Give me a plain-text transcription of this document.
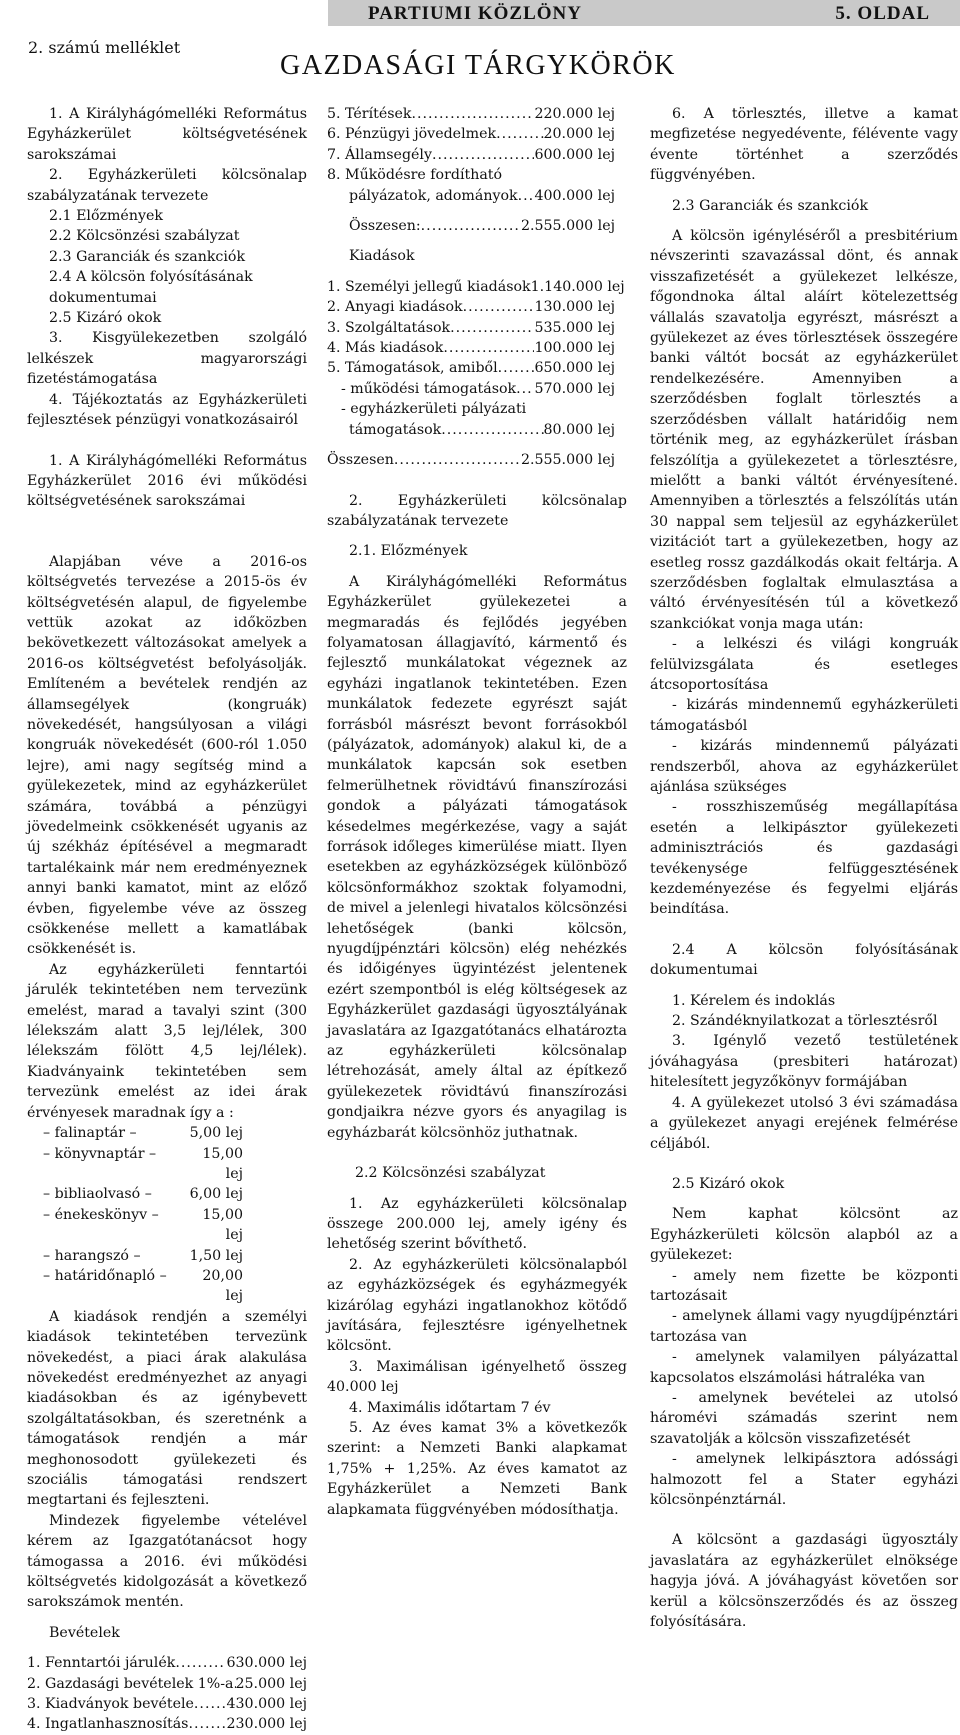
PARTIUMI KÖZLÖNY	5. OLDAL
2. számú melléklet
GAZDASÁGI TÁRGYKÖRÖK

1. A Királyhágómelléki Református Egyházkerület költségvetésének sarokszámai

2. Egyházkerületi kölcsönalap szabályzatának tervezete

2.1 Előzmények

2.2 Kölcsönzési szabályzat

2.3 Garanciák és szankciók

2.4 A kölcsön folyósításának dokumentumai

2.5 Kizáró okok

3. Kisgyülekezetben szolgáló lelkészek magyarországi fizetéstámogatása

4. Tájékoztatás az Egyházkerületi fejlesztések pénzügyi vonatkozásairól

1. A Királyhágómelléki Református Egyházkerület 2016 évi működési költségvetésének sarokszámai

Alapjában véve a 2016-os költségvetés tervezése a 2015-ös év költségvetésén alapul, de figyelembe vettük azokat az időközben bekövetkezett változásokat amelyek a 2016-os költségvetést befolyásolják. Említeném a bevételek rendjén az államsegélyek (kongruák) növekedését, hangsúlyosan a világi kongruák növekedését (600-ról 1.050 lejre), ami nagy segítség mind a gyülekezetek, mind az egyházkerület számára, továbbá a pénzügyi jövedelmeink csökkenését ugyanis az új székház építésével a megmaradt tartalékaink már nem eredményeznek annyi banki kamatot, mint az előző évben, figyelembe véve az összeg csökkenése mellett a kamatlábak csökkenését is.

Az egyházkerületi fenntartói járulék tekintetében nem tervezünk emelést, marad a tavalyi szint (300 lélekszám alatt 3,5 lej/lélek, 300 lélekszám fölött 4,5 lej/lélek). Kiadványaink tekintetében sem tervezünk emelést az idei árak érvényesek maradnak így a :

– falinaptár –	5,00 lej
– könyvnaptár –	15,00 lej
– bibliaolvasó –	6,00 lej
– énekeskönyv –	15,00 lej
– harangszó –	1,50 lej
– határidőnapló –	20,00 lej

A kiadások rendjén a személyi kiadások tekintetében tervezünk növekedést, a piaci árak alakulása növekedést eredményezhet az anyagi kiadásokban és az igénybevett szolgáltatásokban, és szeretnénk a támogatások rendjén a már meghonosodott gyülekezeti és szociális támogatási rendszert megtartani és fejleszteni.

Mindezek figyelembe vételével kérem az Igazgatótanácsot hogy támogassa a 2016. évi működési költségvetés kidolgozását a következő sarokszámok mentén.

Bevételek

1. Fenntartói járulék .....	630.000 lej
2. Gazdasági bevételek 1%-a ..... 25.000 lej
3. Kiadványok bevétele ..... 430.000 lej
4. Ingatlanhasznosítás .....	230.000 lej
5. Térítések .....	220.000 lej
6. Pénzügyi jövedelmek .....	20.000 lej
7. Államsegély .....	600.000 lej
8. Működésre fordítható
pályázatok, adományok ..... 400.000 lej
Összesen: .....	2.555.000 lej
Kiadások
1. Személyi jellegű kiadások 1.140.000 lej
2. Anyagi kiadások .....	130.000 lej
3. Szolgáltatások .....	535.000 lej
4. Más kiadások .....	100.000 lej
5. Támogatások, amiből .....	650.000 lej
- működési támogatások ..... 570.000 lej
- egyházkerületi pályázati
támogatások .....	80.000 lej
Összesen .....	2.555.000 lej

2. Egyházkerületi kölcsönalap szabályzatának tervezete

2.1. Előzmények

A Királyhágómelléki Református Egyházkerület gyülekezetei a megmaradás és fejlődés jegyében folyamatosan állagjavító, kármentő és fejlesztő munkálatokat végeznek az egyházi ingatlanok tekintetében. Ezen munkálatok fedezete egyrészt saját forrásból másrészt bevont forrásokból (pályázatok, adományok) alakul ki, de a munkálatok kapcsán sok esetben felmerülhetnek rövidtávú finanszírozási gondok a pályázati támogatások késedelmes megérkezése, vagy a saját források időleges kimerülése miatt. Ilyen esetekben az egyházközségek különböző kölcsönformákhoz szoktak folyamodni, de mivel a jelenlegi hivatalos kölcsönzési lehetőségek (banki kölcsön, nyugdíjpénztári kölcsön) elég nehézkés és időigényes ügyintézést jelentenek ezért szempontból is elég költségesek az Egyházkerület gazdasági ügyosztályának javaslatára az Igazgatótanács elhatározta az egyházkerületi kölcsönalap létrehozását, amely által az építkező gyülekezetek rövidtávú finanszírozási gondjaikra nézve gyors és anyagilag is egyházbarát kölcsönhöz juthatnak.

2.2 Kölcsönzési szabályzat

1. Az egyházkerületi kölcsönalap összege 200.000 lej, amely igény és lehetőség szerint bővíthető.

2. Az egyházkerületi kölcsönalapból az egyházközségek és egyházmegyék kizárólag egyházi ingatlanokhoz kötődő javítására, fejlesztésre igényelhetnek kölcsönt.

3. Maximálisan igényelhető összeg 40.000 lej

4. Maximális időtartam 7 év

5. Az éves kamat 3% a következők szerint: a Nemzeti Banki alapkamat 1,75% + 1,25%. Az éves kamatot az Egyházkerület a Nemzeti Bank alapkamata függvényében módosíthatja.

6. A törlesztés, illetve a kamat megfizetése negyedévente, félévente vagy évente történhet a szerződés függvényében.

2.3 Garanciák és szankciók

A kölcsön igényléséről a presbitérium névszerinti szavazással dönt, és annak visszafizetését a gyülekezet lelkésze, főgondnoka által aláírt kötelezettség vállalás szavatolja egyrészt, másrészt a gyülekezet az éves törlesztések összegére banki váltót bocsát az egyházkerület rendelkezésére. Amennyiben a szerződésben foglalt törlesztés a szerződésben vállalt határidőig nem történik meg, az egyházkerület írásban felszólítja a gyülekezetet a törlesztésre, mielőtt a banki váltót érvényesítené. Amennyiben a törlesztés a felszólítás után 30 nappal sem teljesül az egyházkerület vizitációt tart a gyülekezetben, hogy az esetleg rossz gazdálkodás okait feltárja. A szerződésben foglaltak elmulasztása a váltó érvényesítésén túl a következő szankciókat vonja maga után:

- a lelkészi és világi kongruák felülvizsgálata és esetleges átcsoportosítása

- kizárás mindennemű egyházkerületi támogatásból

- kizárás mindennemű pályázati rendszerből, ahova az egyházkerület ajánlása szükséges

- rosszhiszeműség megállapítása esetén a lelkipásztor gyülekezeti adminisztrációs és gazdasági tevékenysége felfüggesztésének kezdeményezése és fegyelmi eljárás beindítása.

2.4 A kölcsön folyósításának dokumentumai

1. Kérelem és indoklás

2. Szándéknyilatkozat a törlesztésről

3. Igénylő vezető testületének jóváhagyása (presbiteri határozat) hitelesített jegyzőkönyv formájában

4. A gyülekezet utolsó 3 évi számadása a gyülekezet anyagi erejének felmérése céljából.

2.5 Kizáró okok

Nem kaphat kölcsönt az Egyházkerületi kölcsön alapból az a gyülekezet:

- amely nem fizette be központi tartozásait

- amelynek állami vagy nyugdíjpénztári tartozása van

- amelynek valamilyen pályázattal kapcsolatos elszámolási hátraléka van

- amelynek bevételei az utolsó háromévi számadás szerint nem szavatolják a kölcsön visszafizetését

- amelynek lelkipásztora adóssági halmozott fel a Stater egyházi kölcsönpénztárnál.

A kölcsönt a gazdasági ügyosztály javaslatára az egyházkerület elnöksége hagyja jóvá. A jóváhagyást követően sor kerül a kölcsönszerződés és az összeg folyósítására.
